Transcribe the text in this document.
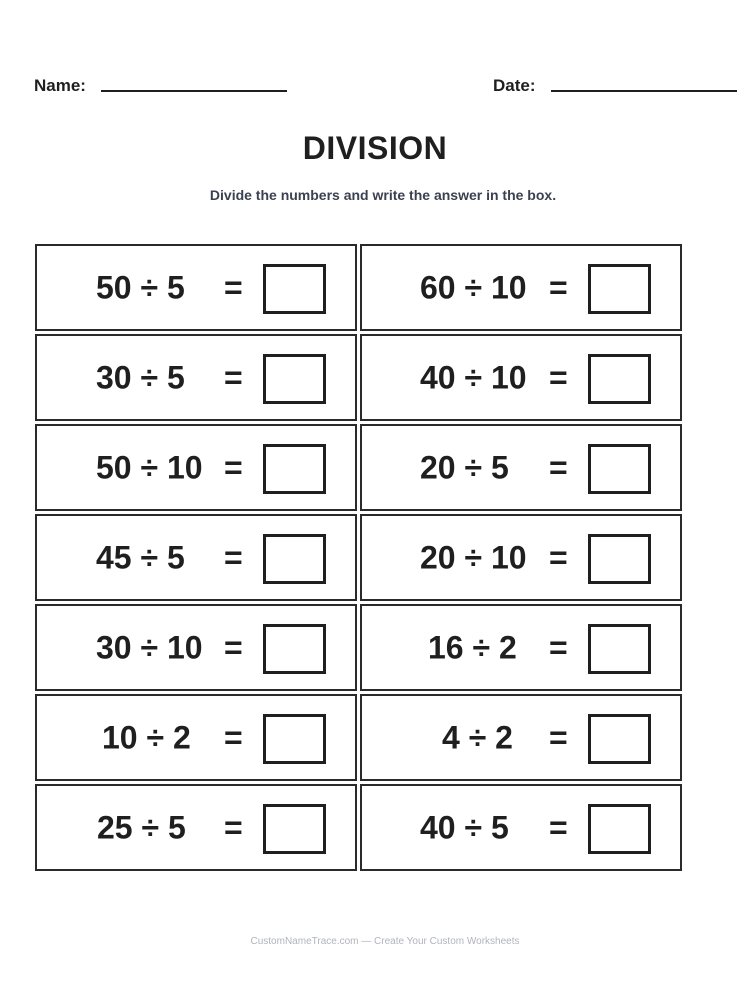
Name:	Date:
DIVISION
Divide the numbers and write the answer in the box.
50 ÷ 5 =	60 ÷ 10 =
30 ÷ 5 =	40 ÷ 10 =
50 ÷ 10 =	20 ÷ 5 =
45 ÷ 5 =	20 ÷ 10 =
30 ÷ 10 =	16 ÷ 2 =
10 ÷ 2 =	4 ÷ 2 =
25 ÷ 5 =	40 ÷ 5 =
CustomNameTrace.com — Create Your Custom Worksheets
